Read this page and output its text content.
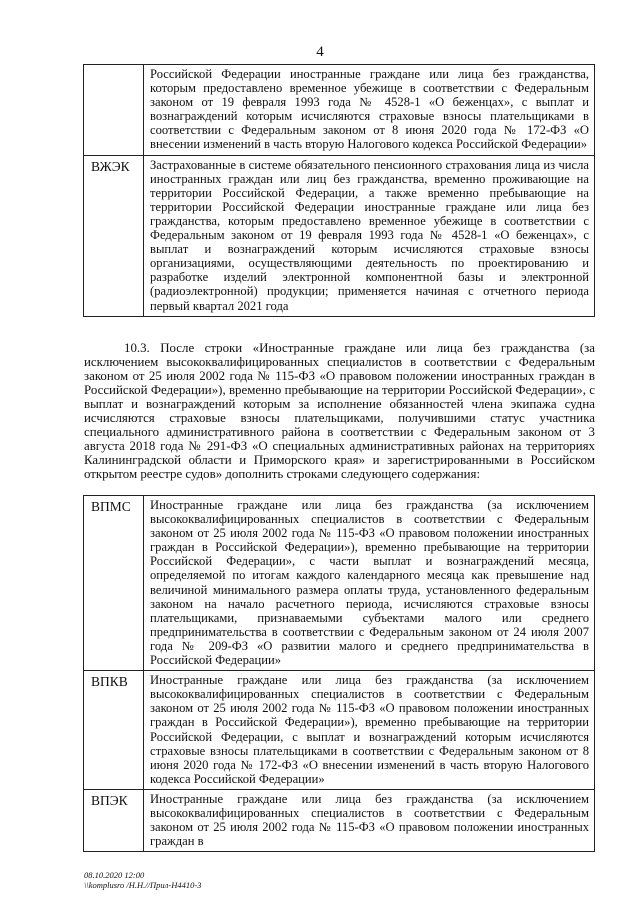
4
	Российской Федерации иностранные граждане или лица без гражданства, которым предоставлено временное убежище в соответствии с Федеральным законом от 19 февраля 1993 года № 4528-1 «О беженцах», с выплат и вознаграждений которым исчисляются страховые взносы плательщиками в соответствии с Федеральным законом от 8 июня 2020 года № 172-ФЗ «О внесении изменений в часть вторую Налогового кодекса Российской Федерации»
ВЖЭК	Застрахованные в системе обязательного пенсионного страхования лица из числа иностранных граждан или лиц без гражданства, временно проживающие на территории Российской Федерации, а также временно пребывающие на территории Российской Федерации иностранные граждане или лица без гражданства, которым предоставлено временное убежище в соответствии с Федеральным законом от 19 февраля 1993 года № 4528-1 «О беженцах», с выплат и вознаграждений которым исчисляются страховые взносы организациями, осуществляющими деятельность по проектированию и разработке изделий электронной компонентной базы и электронной (радиоэлектронной) продукции; применяется начиная с отчетного периода первый квартал 2021 года

10.3. После строки «Иностранные граждане или лица без гражданства (за исключением высококвалифицированных специалистов в соответствии с Федеральным законом от 25 июля 2002 года № 115-ФЗ «О правовом положении иностранных граждан в Российской Федерации»), временно пребывающие на территории Российской Федерации», с выплат и вознаграждений которым за исполнение обязанностей члена экипажа судна исчисляются страховые взносы плательщиками, получившими статус участника специального административного района в соответствии с Федеральным законом от 3 августа 2018 года № 291-ФЗ «О специальных административных районах на территориях Калининградской области и Приморского края» и зарегистрированными в Российском открытом реестре судов» дополнить строками следующего содержания:

ВПМС	Иностранные граждане или лица без гражданства (за исключением высококвалифицированных специалистов в соответствии с Федеральным законом от 25 июля 2002 года № 115-ФЗ «О правовом положении иностранных граждан в Российской Федерации»), временно пребывающие на территории Российской Федерации», с части выплат и вознаграждений месяца, определяемой по итогам каждого календарного месяца как превышение над величиной минимального размера оплаты труда, установленного федеральным законом на начало расчетного периода, исчисляются страховые взносы плательщиками, признаваемыми субъектами малого или среднего предпринимательства в соответствии с Федеральным законом от 24 июля 2007 года № 209-ФЗ «О развитии малого и среднего предпринимательства в Российской Федерации»
ВПКВ	Иностранные граждане или лица без гражданства (за исключением высококвалифицированных специалистов в соответствии с Федеральным законом от 25 июля 2002 года № 115-ФЗ «О правовом положении иностранных граждан в Российской Федерации»), временно пребывающие на территории Российской Федерации, с выплат и вознаграждений которым исчисляются страховые взносы плательщиками в соответствии с Федеральным законом от 8 июня 2020 года № 172-ФЗ «О внесении изменений в часть вторую Налогового кодекса Российской Федерации»
ВПЭК	Иностранные граждане или лица без гражданства (за исключением высококвалифицированных специалистов в соответствии с Федеральным законом от 25 июля 2002 года № 115-ФЗ «О правовом положении иностранных граждан в
08.10.2020 12:00
\\komplusro /Н.Н.//Прил-Н4410-3
